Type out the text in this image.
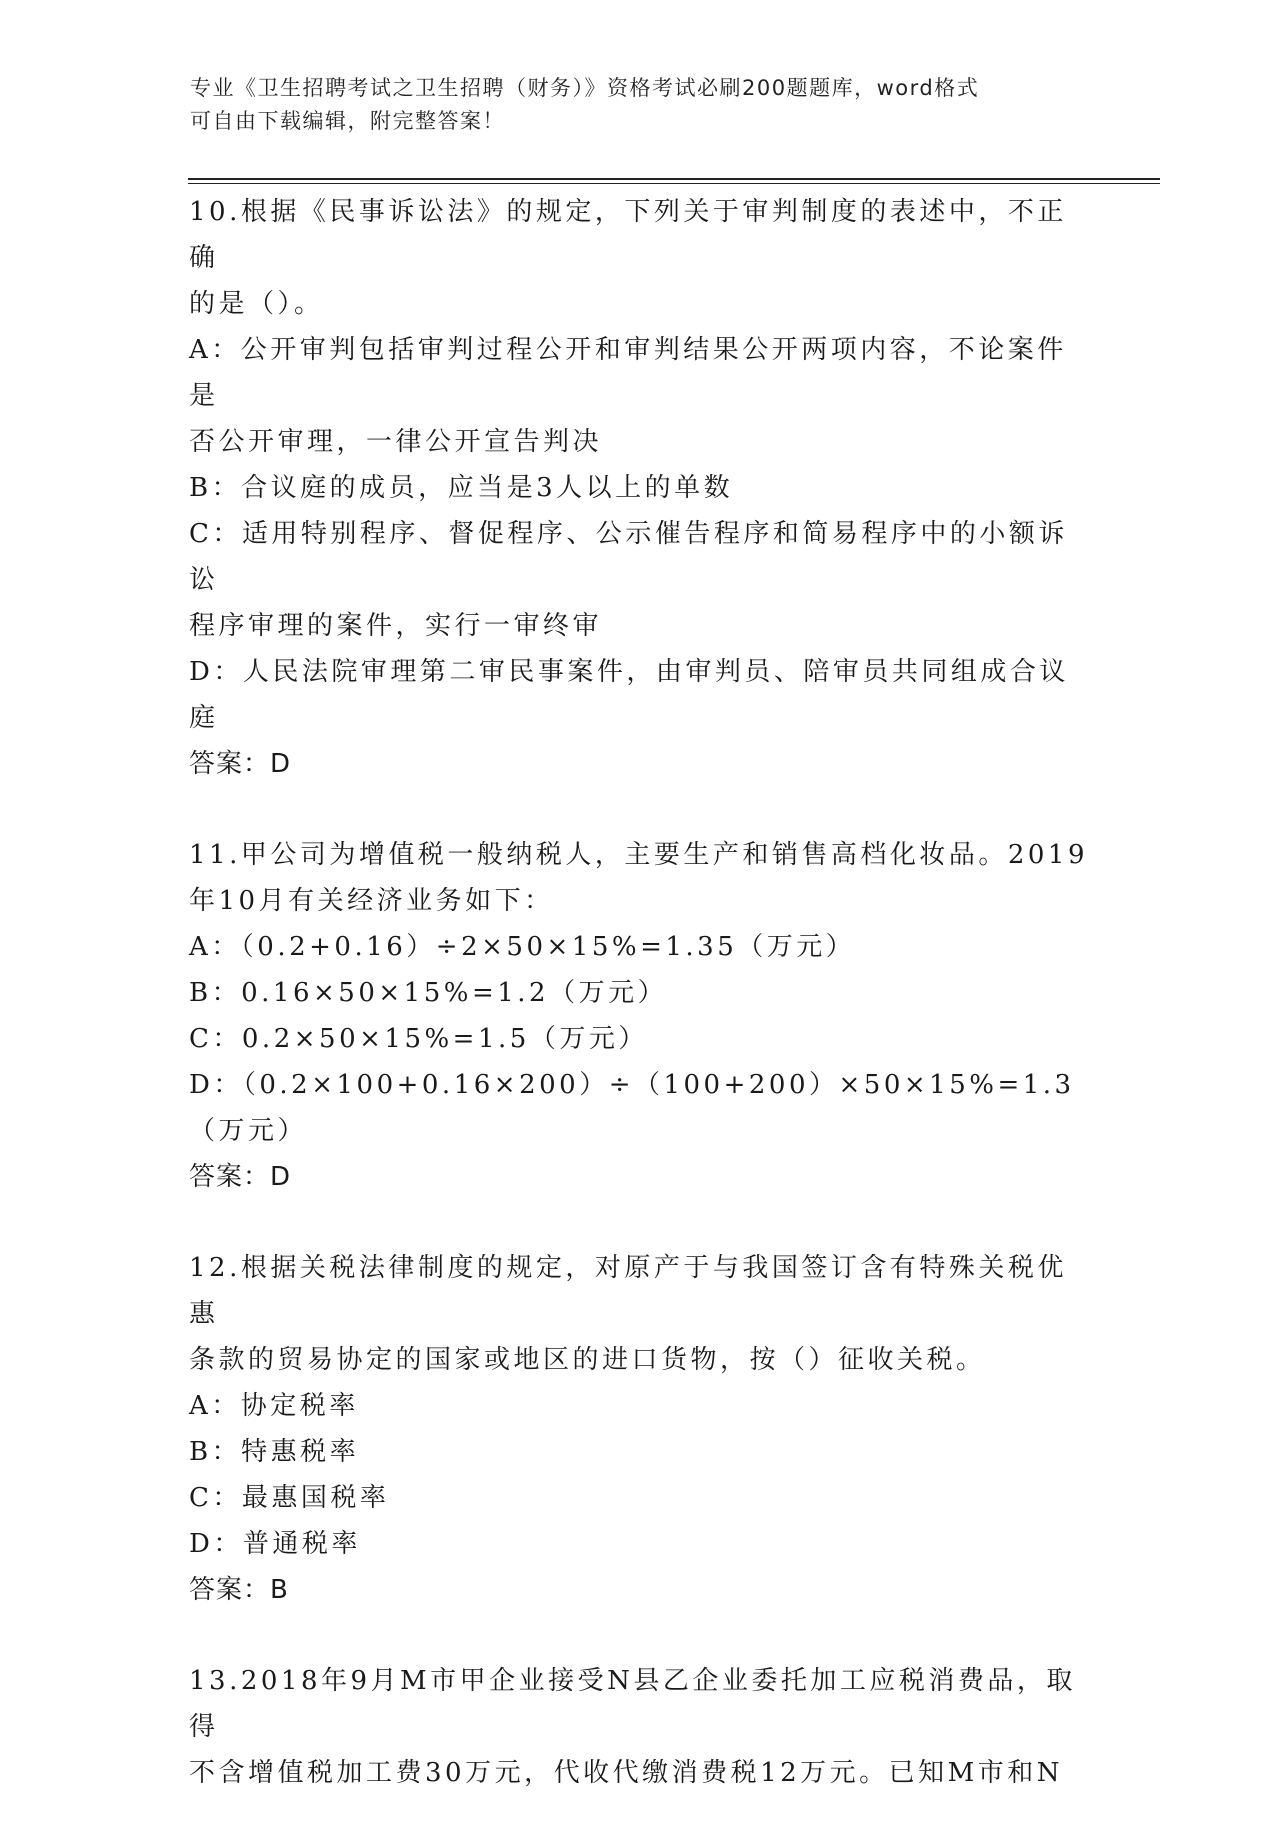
专业《卫生招聘考试之卫生招聘（财务）》资格考试必刷200题题库，word格式
可自由下载编辑，附完整答案！

10.根据《民事诉讼法》的规定，下列关于审判制度的表述中，不正确

的是（）。

A：公开审判包括审判过程公开和审判结果公开两项内容，不论案件是

否公开审理，一律公开宣告判决

B：合议庭的成员，应当是3人以上的单数

C：适用特别程序、督促程序、公示催告程序和简易程序中的小额诉讼

程序审理的案件，实行一审终审

D：人民法院审理第二审民事案件，由审判员、陪审员共同组成合议庭

答案：D

11.甲公司为增值税一般纳税人，主要生产和销售高档化妆品。2019

年10月有关经济业务如下：

A：（0.2+0.16）÷2×50×15%=1.35（万元）

B：0.16×50×15%=1.2（万元）

C：0.2×50×15%=1.5（万元）

D：（0.2×100+0.16×200）÷（100+200）×50×15%=1.3（万元）

答案：D

12.根据关税法律制度的规定，对原产于与我国签订含有特殊关税优惠

条款的贸易协定的国家或地区的进口货物，按（）征收关税。

A：协定税率

B：特惠税率

C：最惠国税率

D：普通税率

答案：B

13.2018年9月M市甲企业接受N县乙企业委托加工应税消费品，取得

不含增值税加工费30万元，代收代缴消费税12万元。已知M市和N
